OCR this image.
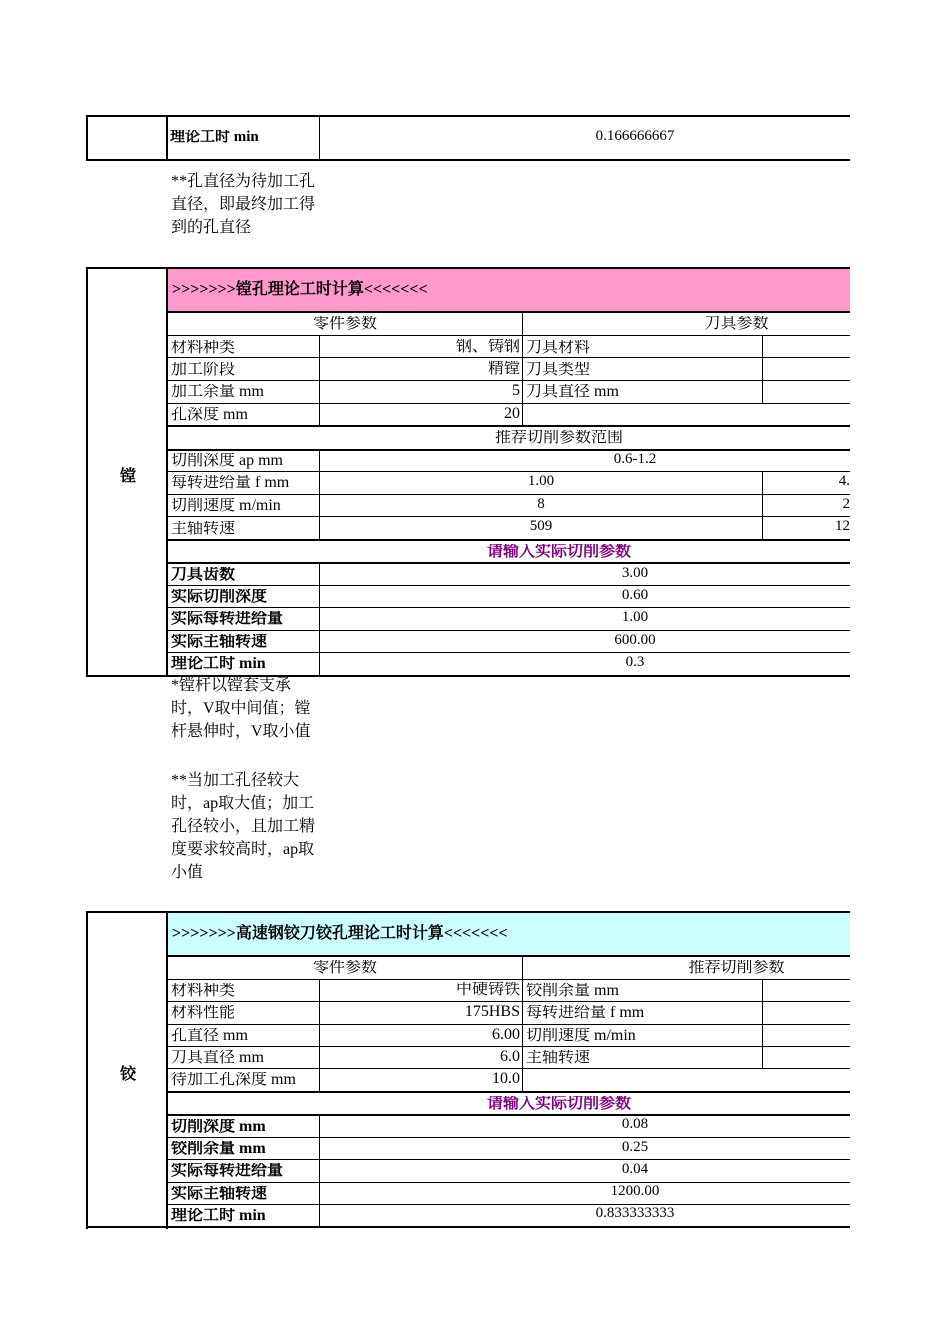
理论工时 min	0.166666667
**孔直径为待加工孔直径，即最终加工得到的孔直径
镗
>>>>>>>镗孔理论工时计算<<<<<<<
零件参数	刀具参数
材料种类	钢、铸钢 刀具材料
加工阶段	精镗 刀具类型
加工余量 mm	5 刀具直径 mm
孔深度 mm	20
推荐切削参数范围
切削深度 ap mm	0.6-1.2
每转进给量 f mm	1.00	4.
切削速度 m/min	8	2
主轴转速	509	12
请输入实际切削参数
刀具齿数	3.00
实际切削深度	0.60
实际每转进给量	1.00
实际主轴转速	600.00
理论工时 min	0.3
*镗杆以镗套支承时，V取中间值；镗杆悬伸时，V取小值
**当加工孔径较大时，ap取大值；加工孔径较小，且加工精度要求较高时，ap取小值
铰
>>>>>>>高速钢铰刀铰孔理论工时计算<<<<<<<
零件参数	推荐切削参数
材料种类	中硬铸铁 铰削余量 mm
材料性能	175HBS 每转进给量 f mm
孔直径 mm	6.00 切削速度 m/min
刀具直径 mm	6.0 主轴转速
待加工孔深度 mm	10.0
请输入实际切削参数
切削深度 mm	0.08
铰削余量 mm	0.25
实际每转进给量	0.04
实际主轴转速	1200.00
理论工时 min	0.833333333
